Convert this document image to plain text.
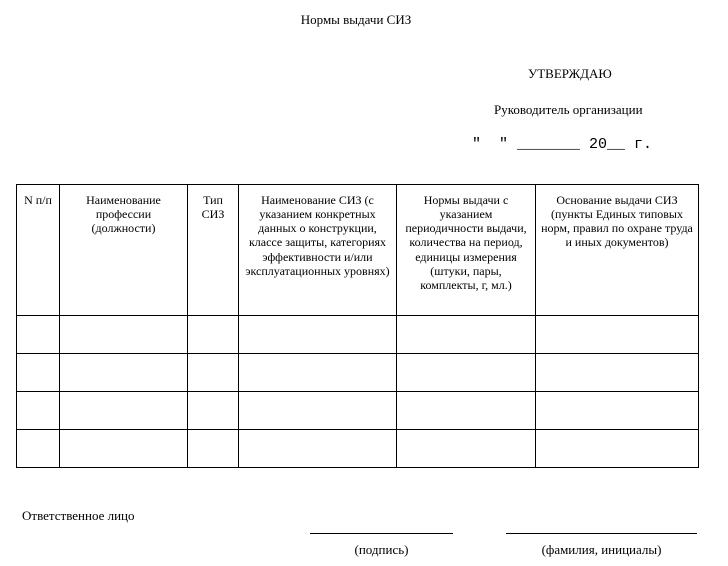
Нормы выдачи СИЗ
УТВЕРЖДАЮ
Руководитель организации
"  " _______ 20__ г.
N п/п	Наименование профессии (должности)	Тип СИЗ	Наименование СИЗ (с указанием конкретных данных о конструкции, классе защиты, категориях эффективности и/или эксплуатационных уровнях)	Нормы выдачи с указанием периодичности выдачи, количества на период, единицы измерения (штуки, пары, комплекты, г, мл.)	Основание выдачи СИЗ (пункты Единых типовых норм, правил по охране труда и иных документов)

Ответственное лицо
(подпись)	(фамилия, инициалы)
